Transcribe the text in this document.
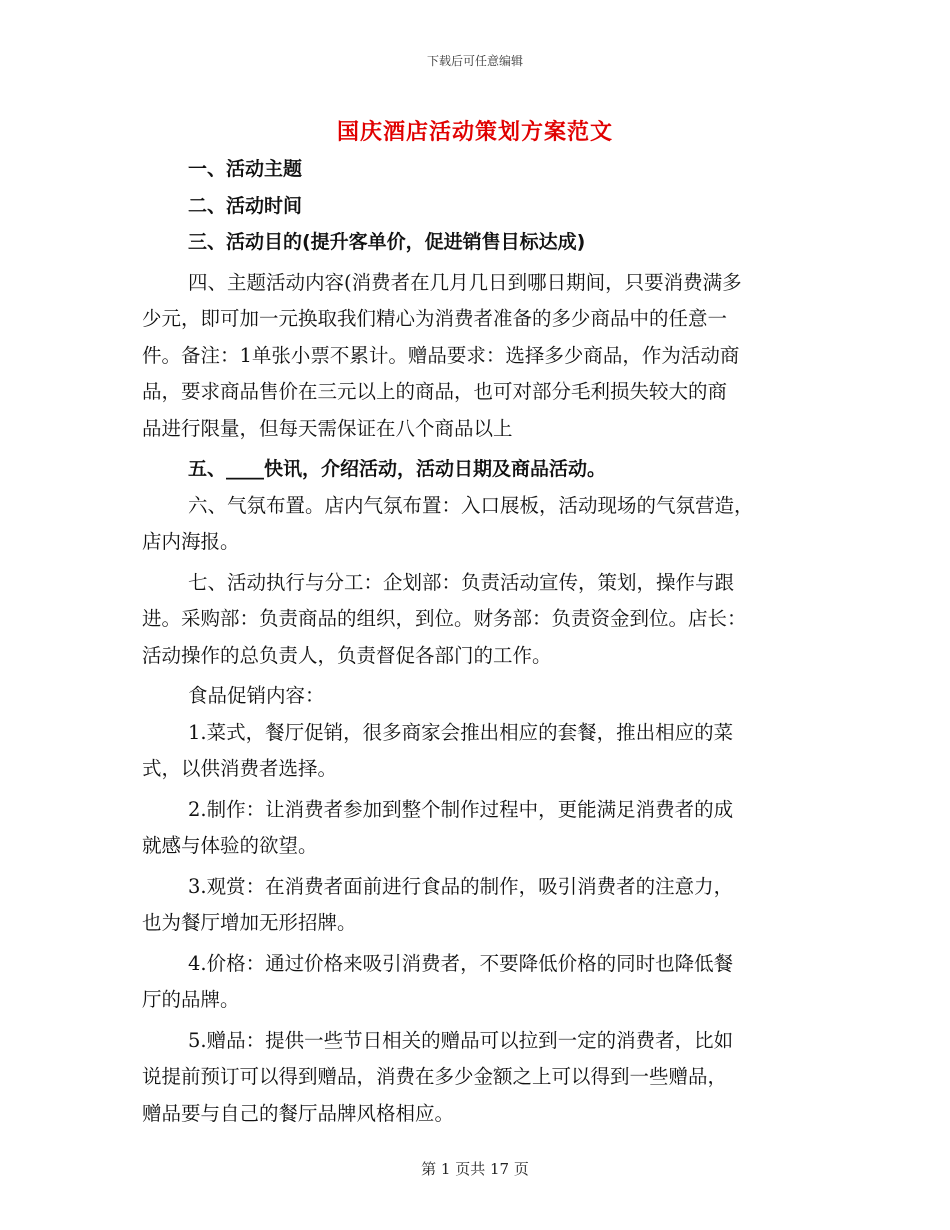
下载后可任意编辑
国庆酒店活动策划方案范文
一、活动主题
二、活动时间
三、活动目的(提升客单价，促进销售目标达成)
四、主题活动内容(消费者在几月几日到哪日期间，只要消费满多
少元，即可加一元换取我们精心为消费者准备的多少商品中的任意一
件。备注：1单张小票不累计。赠品要求：选择多少商品，作为活动商
品，要求商品售价在三元以上的商品，也可对部分毛利损失较大的商
品进行限量，但每天需保证在八个商品以上
五、____快讯，介绍活动，活动日期及商品活动。
六、气氛布置。店内气氛布置：入口展板，活动现场的气氛营造，
店内海报。
七、活动执行与分工：企划部：负责活动宣传，策划，操作与跟
进。采购部：负责商品的组织，到位。财务部：负责资金到位。店长：
活动操作的总负责人，负责督促各部门的工作。
食品促销内容：
1.菜式，餐厅促销，很多商家会推出相应的套餐，推出相应的菜
式，以供消费者选择。
2.制作：让消费者参加到整个制作过程中，更能满足消费者的成
就感与体验的欲望。
3.观赏：在消费者面前进行食品的制作，吸引消费者的注意力，
也为餐厅增加无形招牌。
4.价格：通过价格来吸引消费者，不要降低价格的同时也降低餐
厅的品牌。
5.赠品：提供一些节日相关的赠品可以拉到一定的消费者，比如
说提前预订可以得到赠品，消费在多少金额之上可以得到一些赠品，
赠品要与自己的餐厅品牌风格相应。
第 1 页共 17 页
